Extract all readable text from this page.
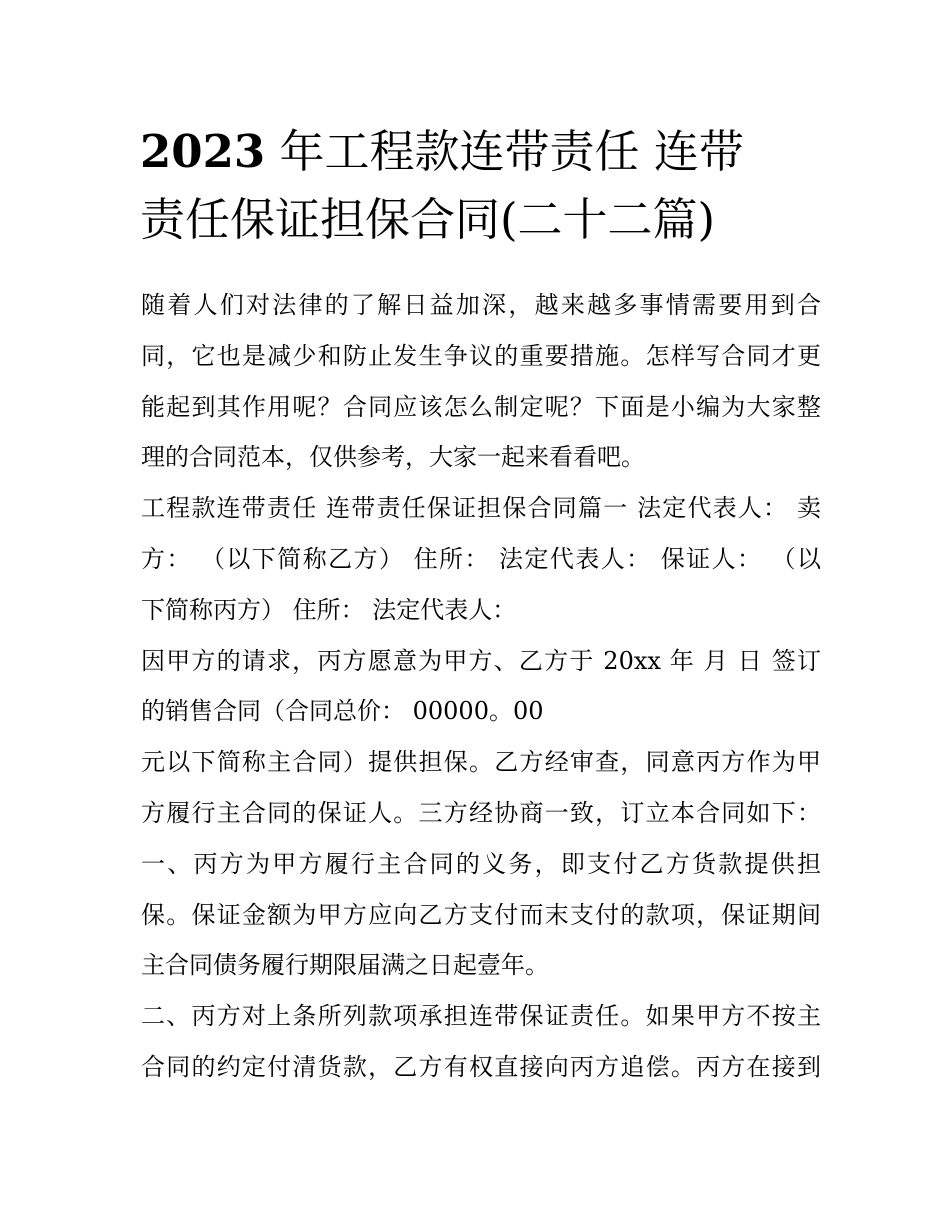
2023 年工程款连带责任 连带
责任保证担保合同(二十二篇)
随着人们对法律的了解日益加深，越来越多事情需要用到合
同，它也是减少和防止发生争议的重要措施。怎样写合同才更
能起到其作用呢？合同应该怎么制定呢？下面是小编为大家整
理的合同范本，仅供参考，大家一起来看看吧。
工程款连带责任 连带责任保证担保合同篇一 法定代表人： 卖
方： （以下简称乙方） 住所： 法定代表人： 保证人： （以
下简称丙方） 住所： 法定代表人：
因甲方的请求，丙方愿意为甲方、乙方于 20xx 年 月 日 签订
的销售合同（合同总价： 00000。00
元以下简称主合同）提供担保。乙方经审查，同意丙方作为甲
方履行主合同的保证人。三方经协商一致，订立本合同如下：
一、丙方为甲方履行主合同的义务，即支付乙方货款提供担
保。保证金额为甲方应向乙方支付而末支付的款项，保证期间
主合同债务履行期限届满之日起壹年。
二、丙方对上条所列款项承担连带保证责任。如果甲方不按主
合同的约定付清货款，乙方有权直接向丙方追偿。丙方在接到
